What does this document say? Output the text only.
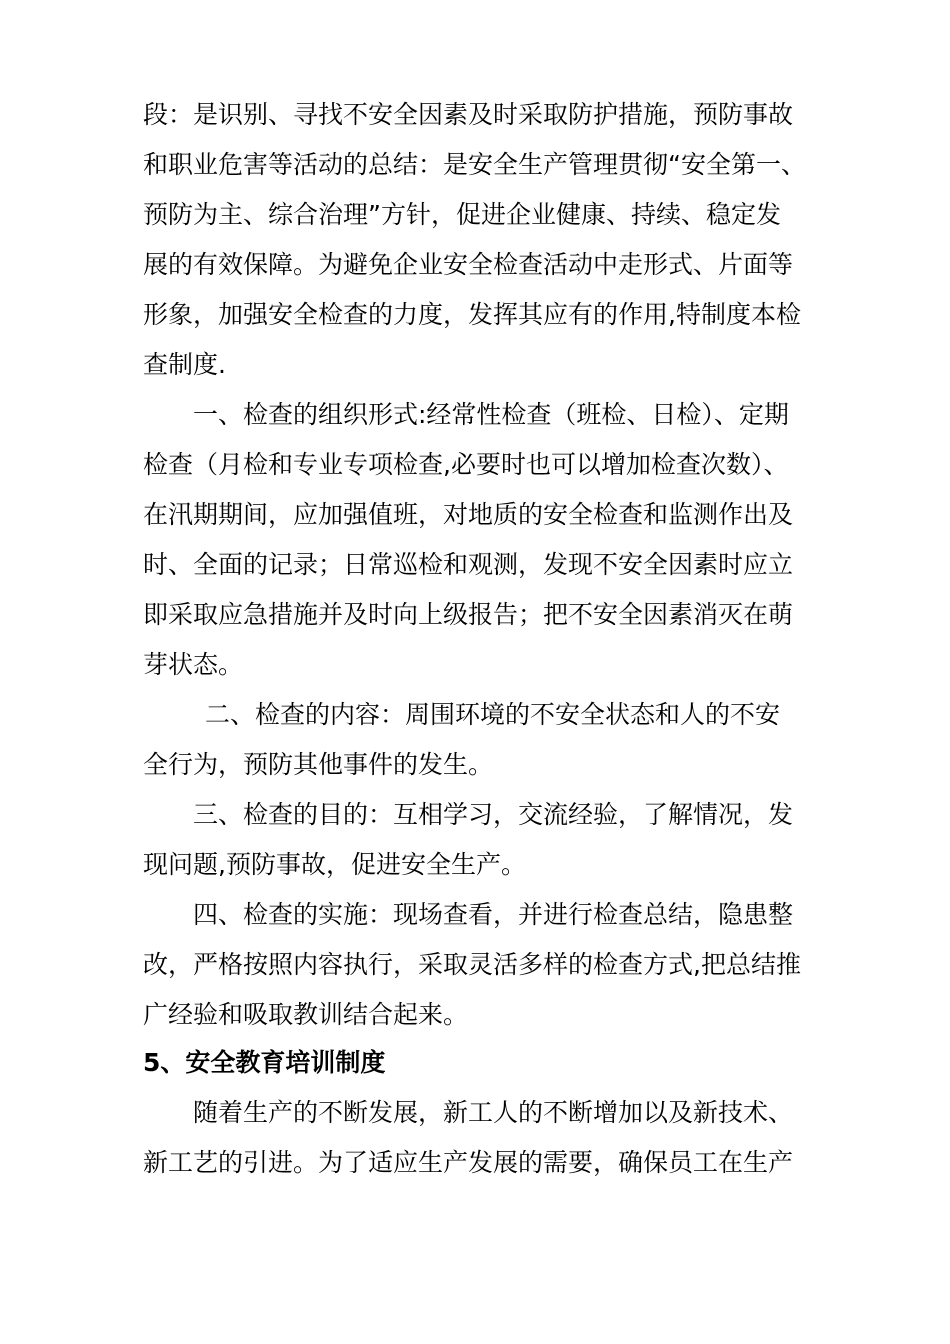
段：是识别、寻找不安全因素及时采取防护措施，预防事故
和职业危害等活动的总结：是安全生产管理贯彻“安全第一、
预防为主、综合治理”方针，促进企业健康、持续、稳定发
展的有效保障。为避免企业安全检查活动中走形式、片面等
形象，加强安全检查的力度，发挥其应有的作用,特制度本检
查制度.
一、检查的组织形式:经常性检查（班检、日检）、定期
检查（月检和专业专项检查,必要时也可以增加检查次数）、
在汛期期间，应加强值班，对地质的安全检查和监测作出及
时、全面的记录；日常巡检和观测，发现不安全因素时应立
即采取应急措施并及时向上级报告；把不安全因素消灭在萌
芽状态。
二、检查的内容：周围环境的不安全状态和人的不安
全行为，预防其他事件的发生。
三、检查的目的：互相学习，交流经验，了解情况，发
现问题,预防事故，促进安全生产。
四、检查的实施：现场查看，并进行检查总结，隐患整
改，严格按照内容执行，采取灵活多样的检查方式,把总结推
广经验和吸取教训结合起来。
5、安全教育培训制度
随着生产的不断发展，新工人的不断增加以及新技术、
新工艺的引进。为了适应生产发展的需要，确保员工在生产
